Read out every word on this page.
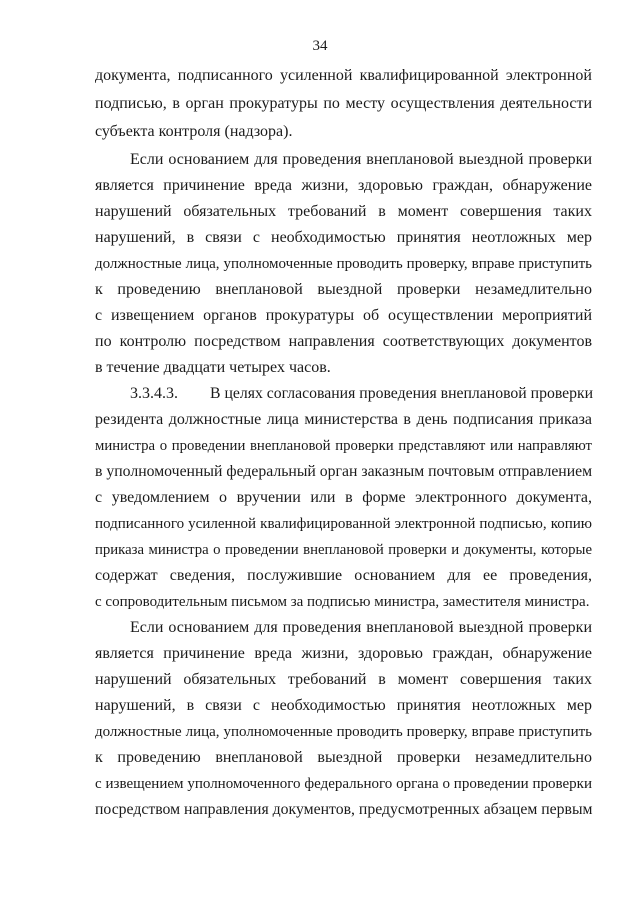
34
документа, подписанного усиленной квалифицированной электронной
подписью, в орган прокуратуры по месту осуществления деятельности
субъекта контроля (надзора).
Если основанием для проведения внеплановой выездной проверки
является причинение вреда жизни, здоровью граждан, обнаружение
нарушений обязательных требований в момент совершения таких
нарушений, в связи с необходимостью принятия неотложных мер
должностные лица, уполномоченные проводить проверку, вправе приступить
к проведению внеплановой выездной проверки незамедлительно
с извещением органов прокуратуры об осуществлении мероприятий
по контролю посредством направления соответствующих документов
в течение двадцати четырех часов.
3.3.4.3.	В целях согласования проведения внеплановой проверки
резидента должностные лица министерства в день подписания приказа
министра о проведении внеплановой проверки представляют или направляют
в уполномоченный федеральный орган заказным почтовым отправлением
с уведомлением о вручении или в форме электронного документа,
подписанного усиленной квалифицированной электронной подписью, копию
приказа министра о проведении внеплановой проверки и документы, которые
содержат сведения, послужившие основанием для ее проведения,
с сопроводительным письмом за подписью министра, заместителя министра.
Если основанием для проведения внеплановой выездной проверки
является причинение вреда жизни, здоровью граждан, обнаружение
нарушений обязательных требований в момент совершения таких
нарушений, в связи с необходимостью принятия неотложных мер
должностные лица, уполномоченные проводить проверку, вправе приступить
к проведению внеплановой выездной проверки незамедлительно
с извещением уполномоченного федерального органа о проведении проверки
посредством направления документов, предусмотренных абзацем первым
